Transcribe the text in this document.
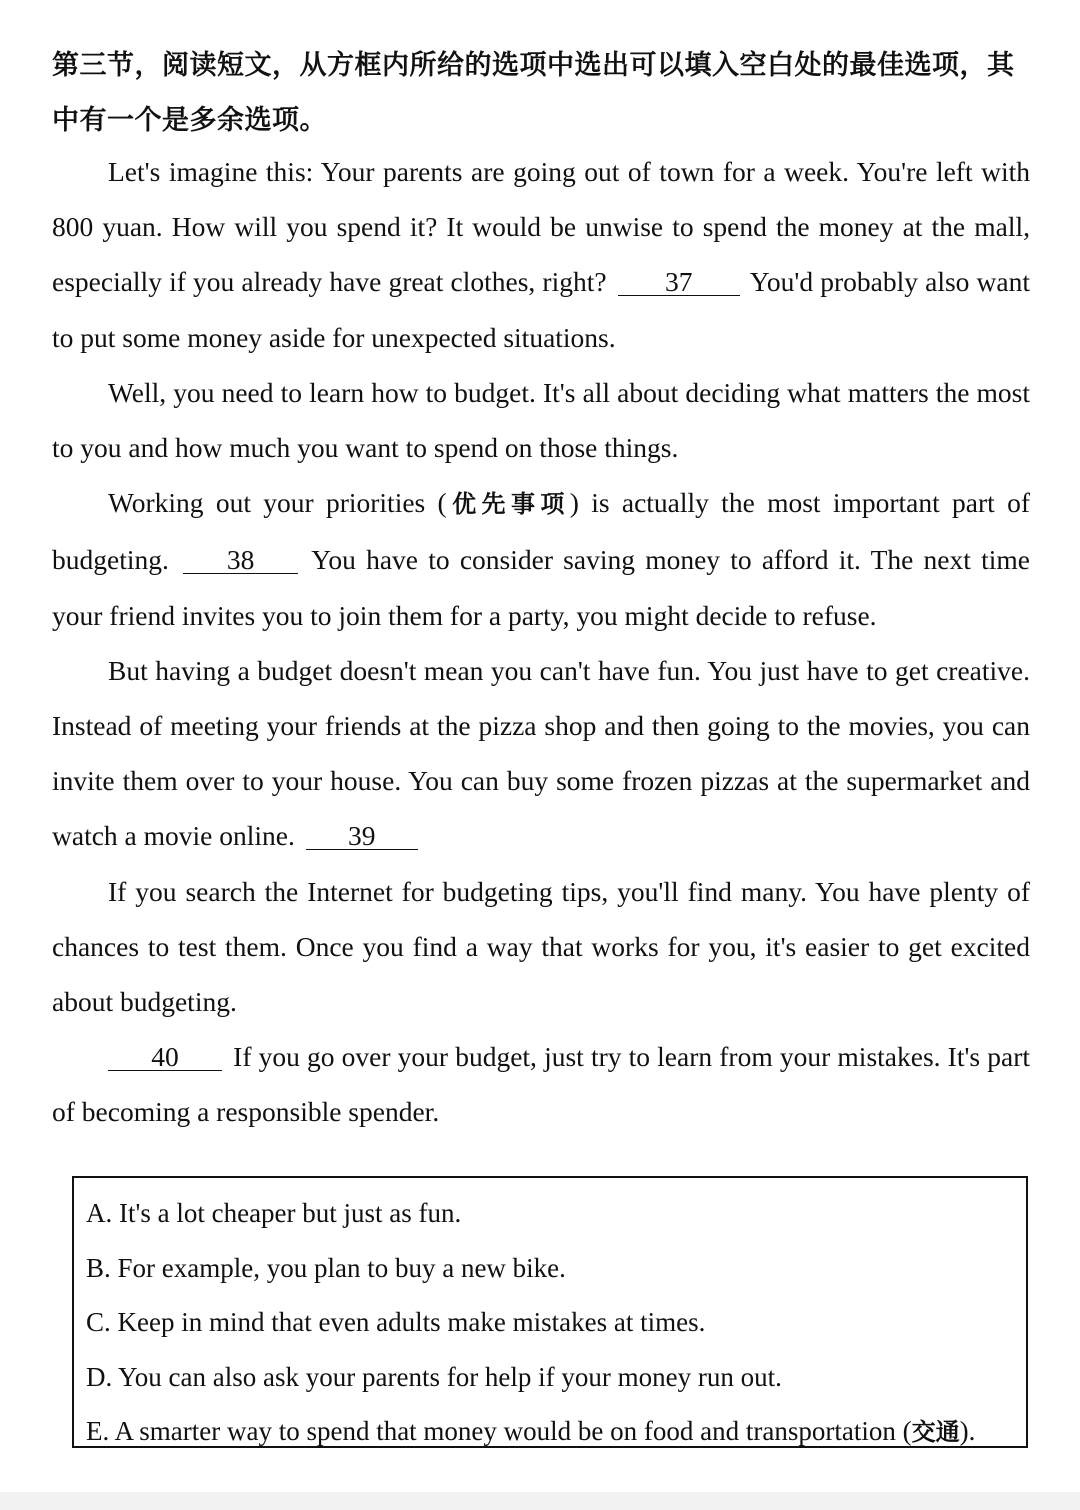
第三节，阅读短文，从方框内所给的选项中选出可以填入空白处的最佳选项，其中有一个是多余选项。

Let's imagine this: Your parents are going out of town for a week. You're left with 800 yuan. How will you spend it? It would be unwise to spend the money at the mall, especially if you already have great clothes, right? 37 You'd probably also want to put some money aside for unexpected situations.

Well, you need to learn how to budget. It's all about deciding what matters the most to you and how much you want to spend on those things.

Working out your priorities (优先事项) is actually the most important part of budgeting. 38 You have to consider saving money to afford it. The next time your friend invites you to join them for a party, you might decide to refuse.

But having a budget doesn't mean you can't have fun. You just have to get creative. Instead of meeting your friends at the pizza shop and then going to the movies, you can invite them over to your house. You can buy some frozen pizzas at the supermarket and watch a movie online. 39

If you search the Internet for budgeting tips, you'll find many. You have plenty of chances to test them. Once you find a way that works for you, it's easier to get excited about budgeting.

40 If you go over your budget, just try to learn from your mistakes. It's part of becoming a responsible spender.

A. It's a lot cheaper but just as fun.
B. For example, you plan to buy a new bike.
C. Keep in mind that even adults make mistakes at times.
D. You can also ask your parents for help if your money run out.
E. A smarter way to spend that money would be on food and transportation (交通).
